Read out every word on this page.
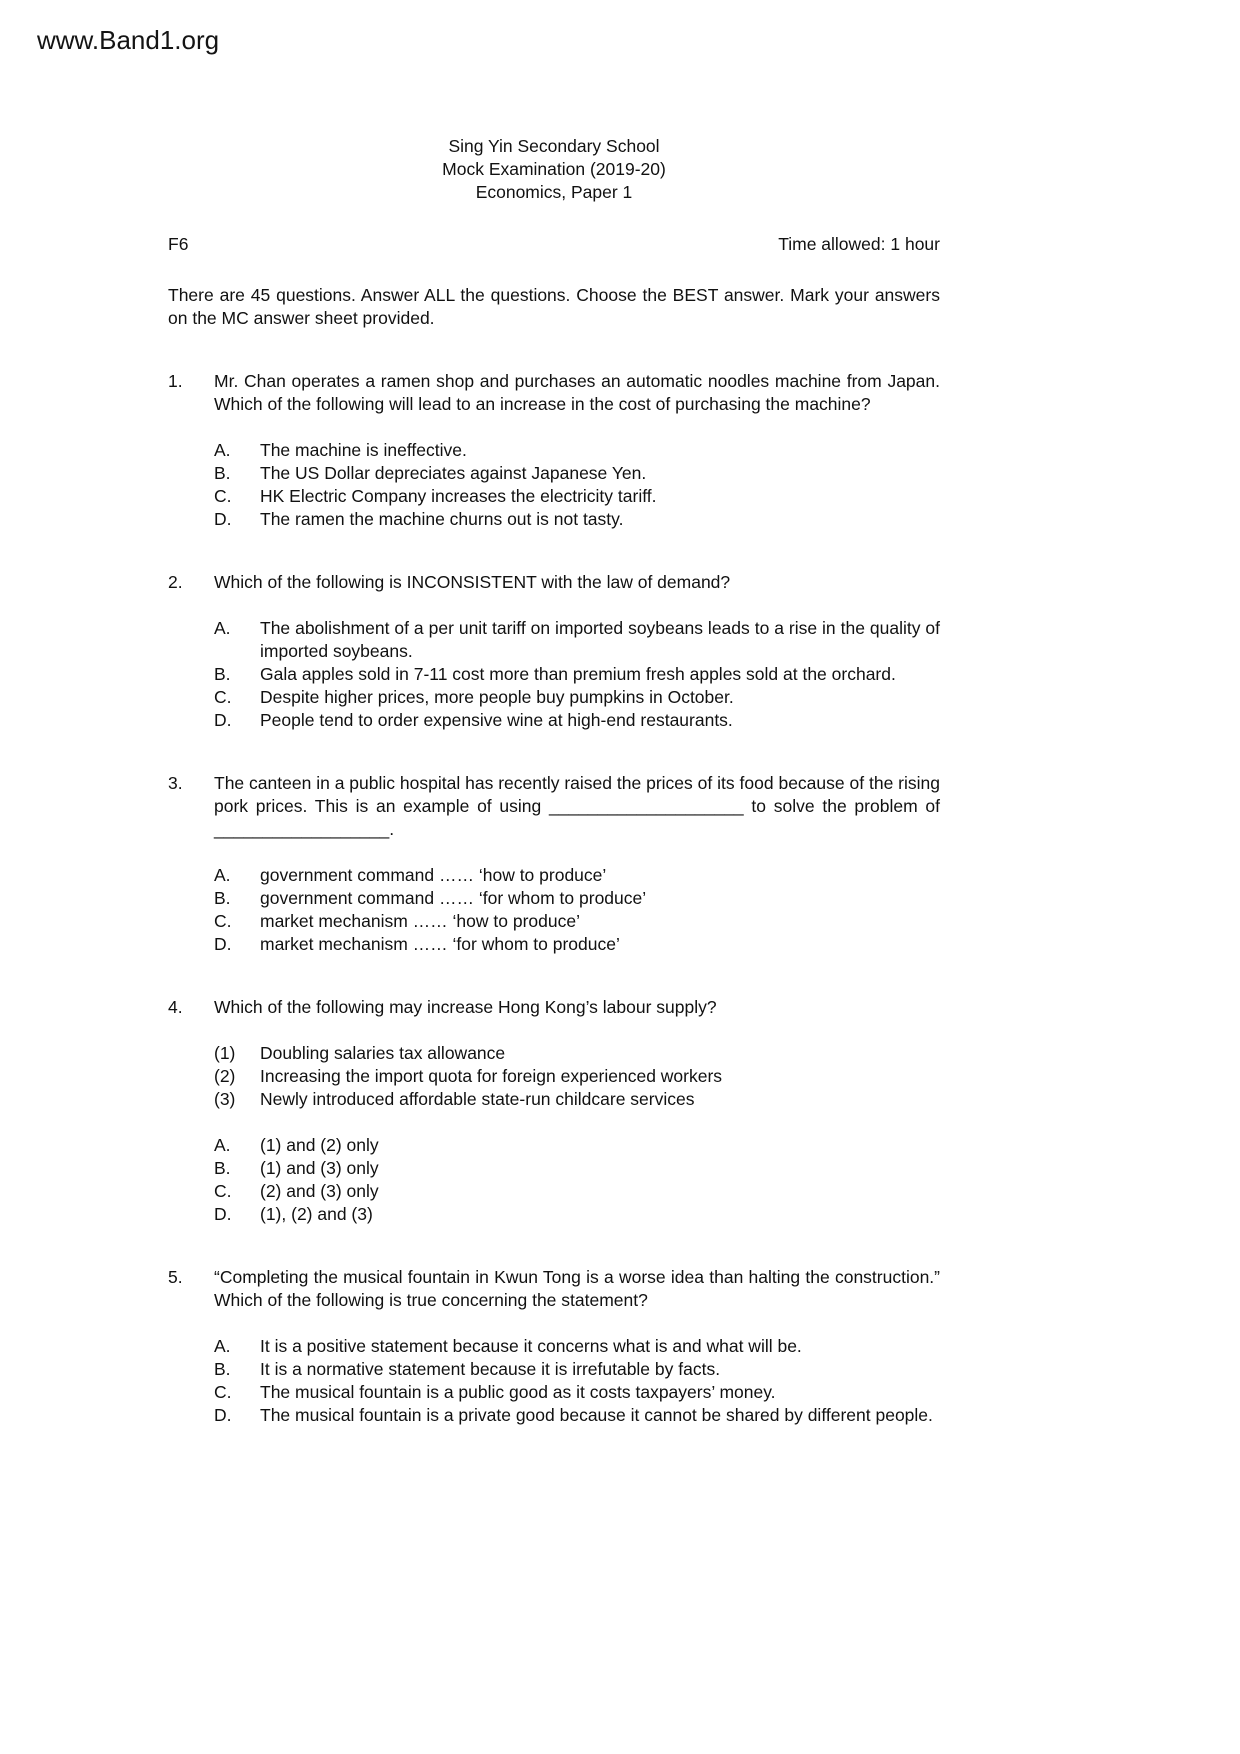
www.Band1.org
Sing Yin Secondary School
Mock Examination (2019-20)
Economics, Paper 1
F6	Time allowed: 1 hour
There are 45 questions. Answer ALL the questions. Choose the BEST answer. Mark your answers on the MC answer sheet provided.
1.	Mr. Chan operates a ramen shop and purchases an automatic noodles machine from Japan. Which of the following will lead to an increase in the cost of purchasing the machine?
A.	The machine is ineffective.
B.	The US Dollar depreciates against Japanese Yen.
C.	HK Electric Company increases the electricity tariff.
D.	The ramen the machine churns out is not tasty.
2.	Which of the following is INCONSISTENT with the law of demand?
A.	The abolishment of a per unit tariff on imported soybeans leads to a rise in the quality of imported soybeans.
B.	Gala apples sold in 7-11 cost more than premium fresh apples sold at the orchard.
C.	Despite higher prices, more people buy pumpkins in October.
D.	People tend to order expensive wine at high-end restaurants.
3.	The canteen in a public hospital has recently raised the prices of its food because of the rising pork prices. This is an example of using ____________________ to solve the problem of __________________.
A.	government command …… ‘how to produce’
B.	government command …… ‘for whom to produce’
C.	market mechanism …… ‘how to produce’
D.	market mechanism …… ‘for whom to produce’
4.	Which of the following may increase Hong Kong’s labour supply?
(1)	Doubling salaries tax allowance
(2)	Increasing the import quota for foreign experienced workers
(3)	Newly introduced affordable state-run childcare services
A.	(1) and (2) only
B.	(1) and (3) only
C.	(2) and (3) only
D.	(1), (2) and (3)
5.	“Completing the musical fountain in Kwun Tong is a worse idea than halting the construction.” Which of the following is true concerning the statement?
A.	It is a positive statement because it concerns what is and what will be.
B.	It is a normative statement because it is irrefutable by facts.
C.	The musical fountain is a public good as it costs taxpayers’ money.
D.	The musical fountain is a private good because it cannot be shared by different people.
